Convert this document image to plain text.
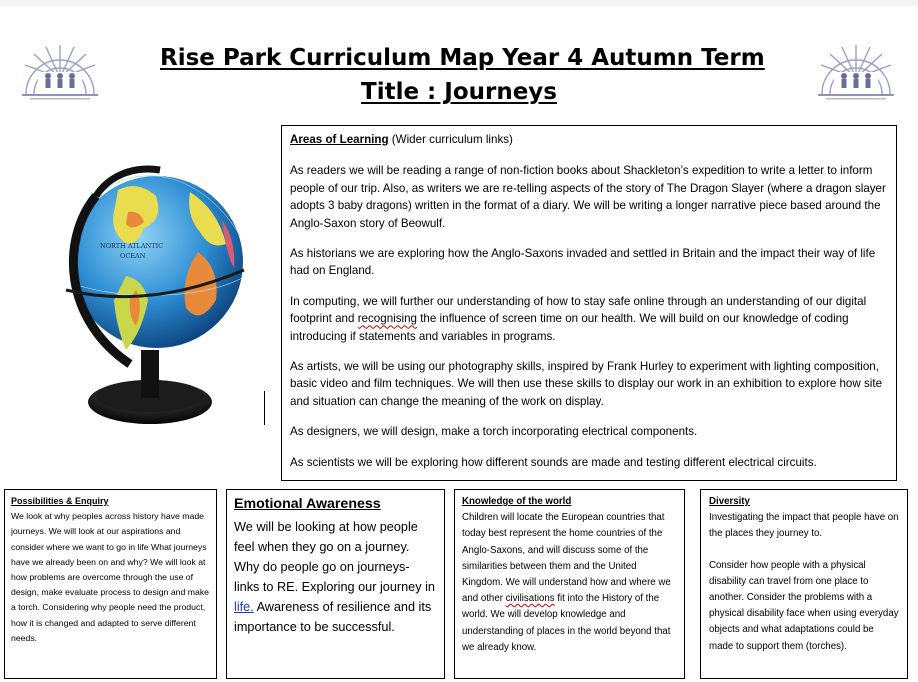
Rise Park Curriculum Map Year 4 Autumn Term
Title : Journeys
NORTH ATLANTIC
OCEAN
Areas of Learning (Wider curriculum links)

As readers we will be reading a range of non-fiction books about Shackleton’s expedition to write a letter to inform people of our trip. Also, as writers we are re-telling aspects of the story of The Dragon Slayer (where a dragon slayer adopts 3 baby dragons) written in the format of a diary. We will be writing a longer narrative piece based around the Anglo-Saxon story of Beowulf.

As historians we are exploring how the Anglo-Saxons invaded and settled in Britain and the impact their way of life had on England.

In computing, we will further our understanding of how to stay safe online through an understanding of our digital footprint and recognising the influence of screen time on our health. We will build on our knowledge of coding introducing if statements and variables in programs.

As artists, we will be using our photography skills, inspired by Frank Hurley to experiment with lighting composition, basic video and film techniques. We will then use these skills to display our work in an exhibition to explore how site and situation can change the meaning of the work on display.

As designers, we will design, make a torch incorporating electrical components.

As scientists we will be exploring how different sounds are made and testing different electrical circuits.

Possibilities & Enquiry
We look at why peoples across history have made journeys. We will look at our aspirations and consider where we want to go in life What journeys have we already been on and why? We will look at how problems are overcome through the use of design, make evaluate process to design and make a torch. Considering why people need the product, how it is changed and adapted to serve different needs.
Emotional Awareness
We will be looking at how people feel when they go on a journey. Why do people go on journeys- links to RE. Exploring our journey in life. Awareness of resilience and its importance to be successful.
Knowledge of the world
Children will locate the European countries that today best represent the home countries of the Anglo-Saxons, and will discuss some of the similarities between them and the United Kingdom. We will understand how and where we and other civilisations fit into the History of the world. We will develop knowledge and understanding of places in the world beyond that we already know.
Diversity

Investigating the impact that people have on the places they journey to.

Consider how people with a physical disability can travel from one place to another. Consider the problems with a physical disability face when using everyday objects and what adaptations could be made to support them (torches).
